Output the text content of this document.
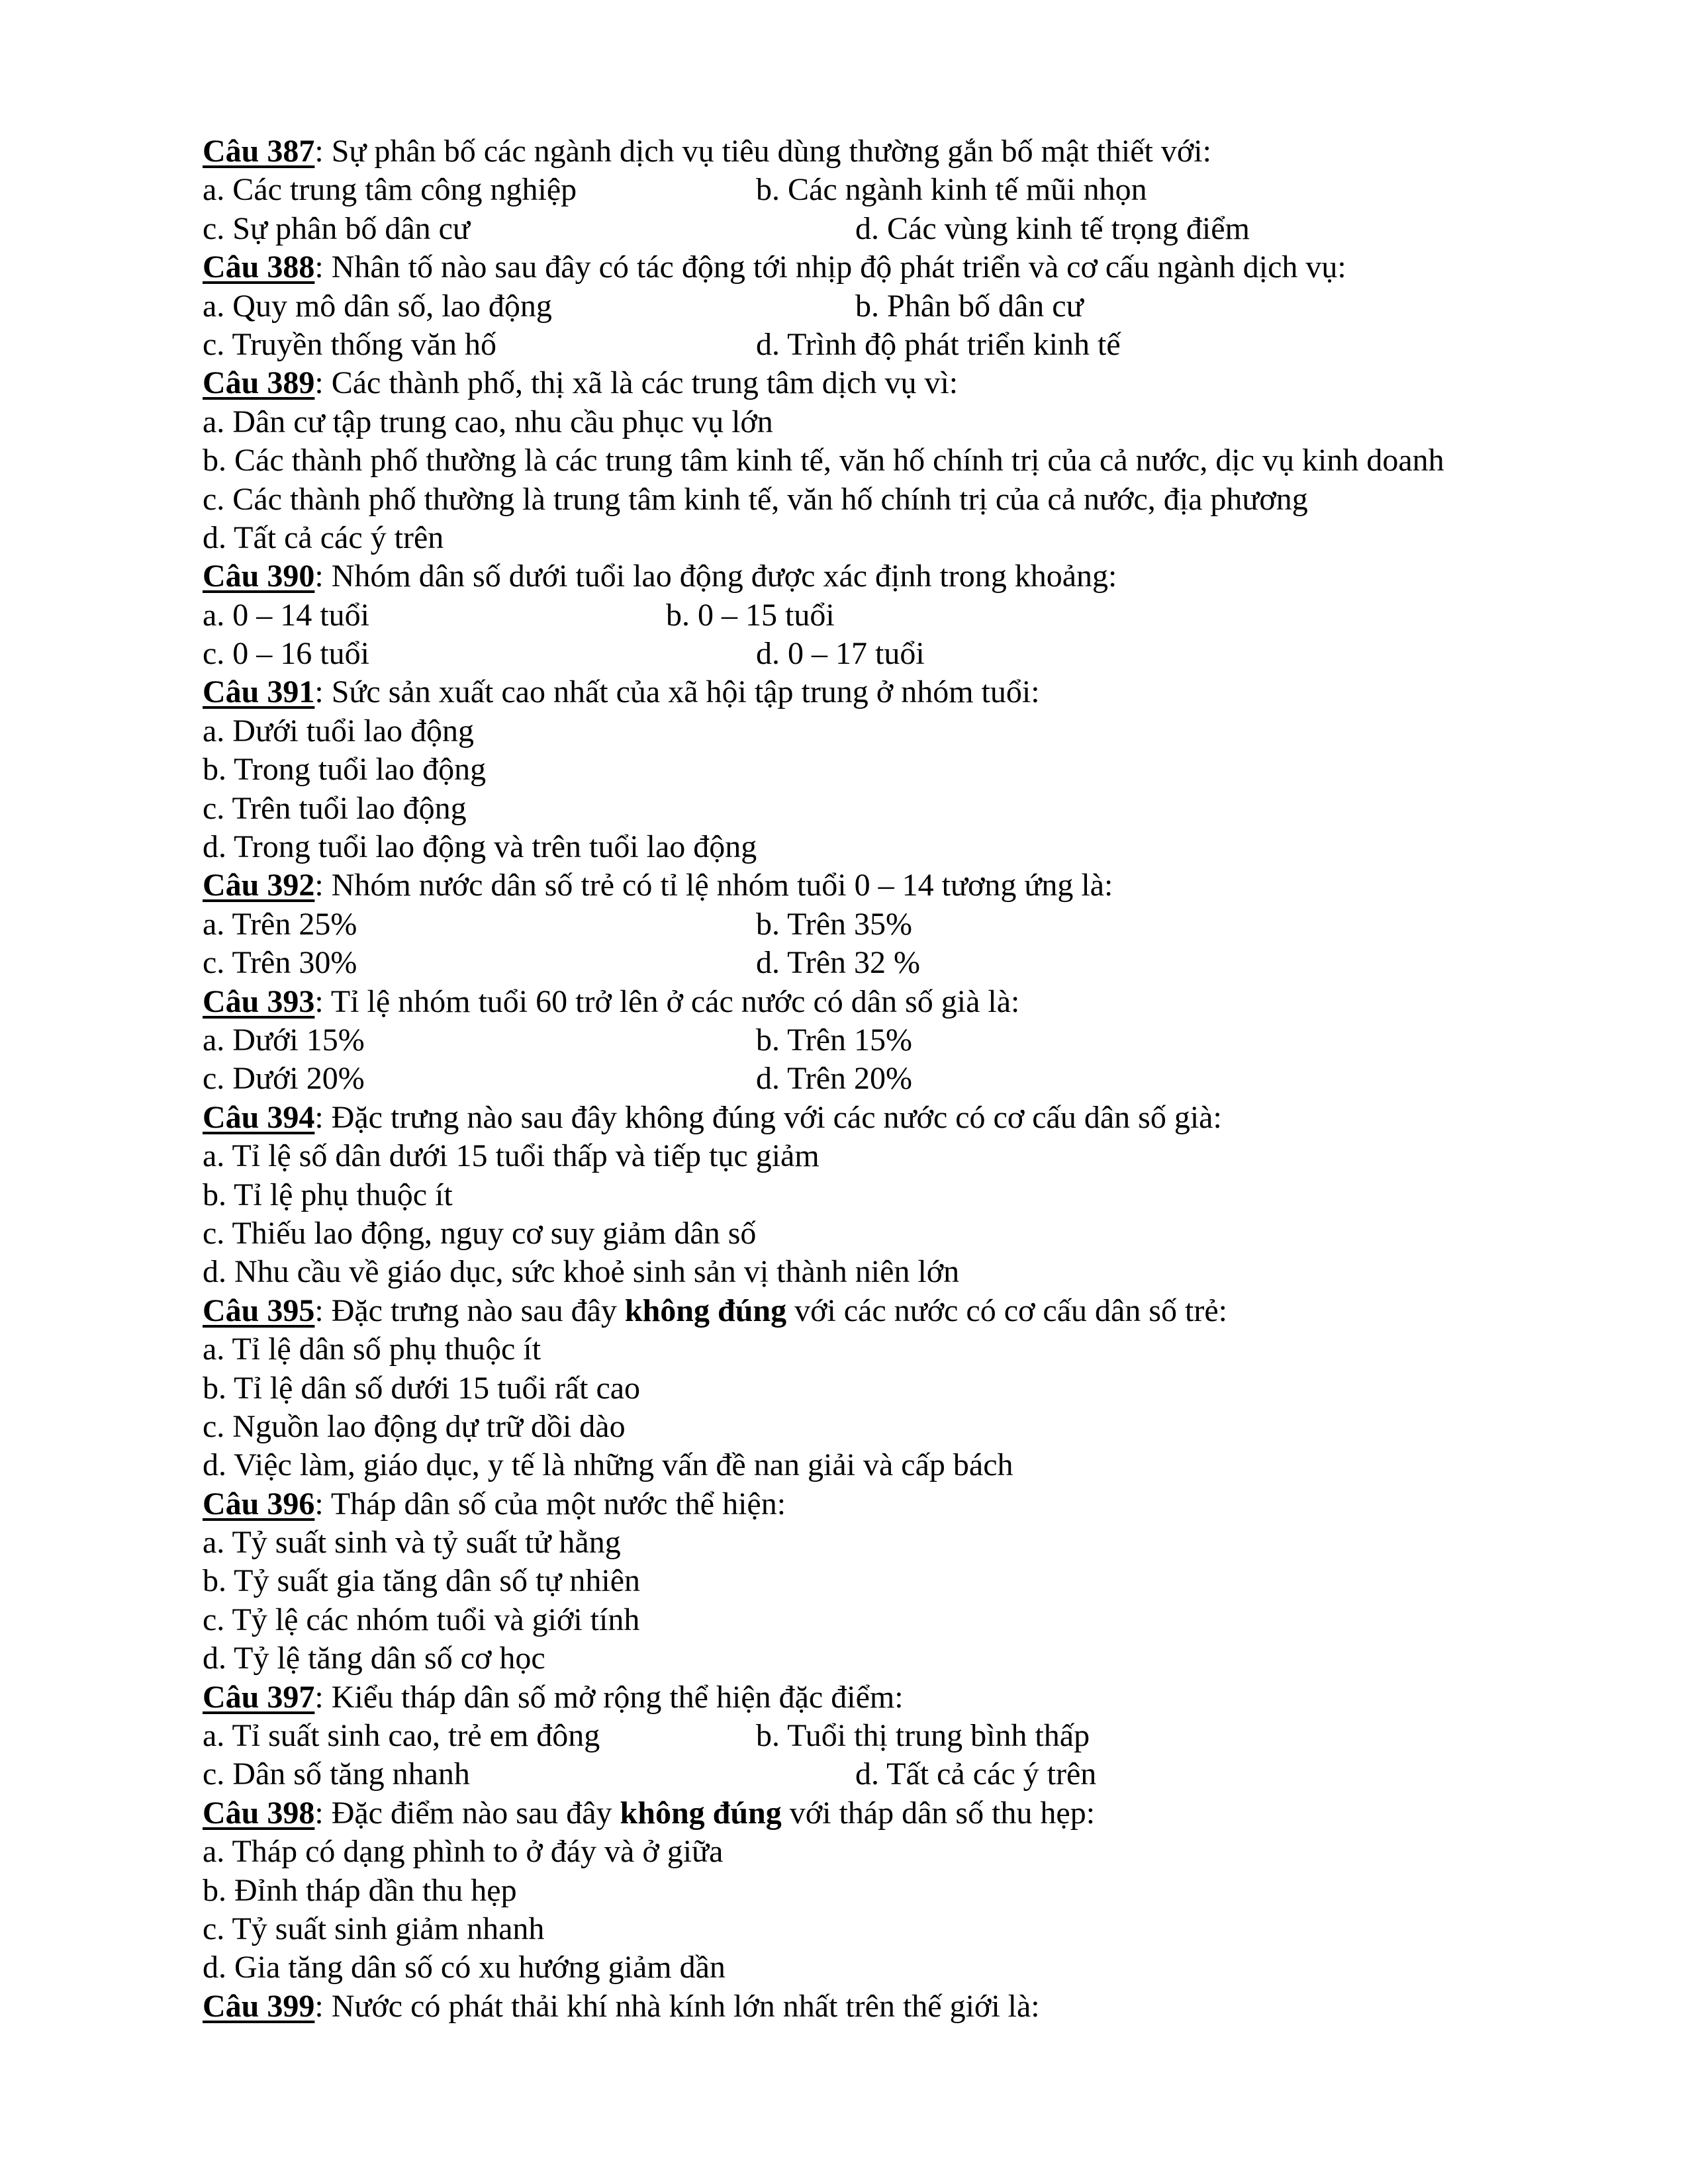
Câu 387: Sự phân bố các ngành dịch vụ tiêu dùng thường gắn bố mật thiết với:
a. Các trung tâm công nghiệp	b. Các ngành kinh tế mũi nhọn
c. Sự phân bố dân cư	d. Các vùng kinh tế trọng điểm
Câu 388: Nhân tố nào sau đây có tác động tới nhịp độ phát triển và cơ cấu ngành dịch vụ:
a. Quy mô dân số, lao động	b. Phân bố dân cư
c. Truyền thống văn hố	d. Trình độ phát triển kinh tế
Câu 389: Các thành phố, thị xã là các trung tâm dịch vụ vì:
a. Dân cư tập trung cao, nhu cầu phục vụ lớn
b. Các thành phố thường là các trung tâm kinh tế, văn hố chính trị của cả nước, dịc vụ kinh doanh
c. Các thành phố thường là trung tâm kinh tế, văn hố chính trị của cả nước, địa phương
d. Tất cả các ý trên
Câu 390: Nhóm dân số dưới tuổi lao động được xác định trong khoảng:
a. 0 – 14 tuổi	b. 0 – 15 tuổi
c. 0 – 16 tuổi	d. 0 – 17 tuổi
Câu 391: Sức sản xuất cao nhất của xã hội tập trung ở nhóm tuổi:
a. Dưới tuổi lao động
b. Trong tuổi lao động
c. Trên tuổi lao động
d. Trong tuổi lao động và trên tuổi lao động
Câu 392: Nhóm nước dân số trẻ có tỉ lệ nhóm tuổi 0 – 14 tương ứng là:
a. Trên 25%	b. Trên 35%
c. Trên 30%	d. Trên 32 %
Câu 393: Tỉ lệ nhóm tuổi 60 trở lên ở các nước có dân số già là:
a. Dưới 15%	b. Trên 15%
c. Dưới 20%	d. Trên 20%
Câu 394: Đặc trưng nào sau đây không đúng với các nước có cơ cấu dân số già:
a. Tỉ lệ số dân dưới 15 tuổi thấp và tiếp tục giảm
b. Tỉ lệ phụ thuộc ít
c. Thiếu lao động, nguy cơ suy giảm dân số
d. Nhu cầu về giáo dục, sức khoẻ sinh sản vị thành niên lớn
Câu 395: Đặc trưng nào sau đây không đúng với các nước có cơ cấu dân số trẻ:
a. Tỉ lệ dân số phụ thuộc ít
b. Tỉ lệ dân số dưới 15 tuổi rất cao
c. Nguồn lao động dự trữ dồi dào
d. Việc làm, giáo dục, y tế là những vấn đề nan giải và cấp bách
Câu 396: Tháp dân số của một nước thể hiện:
a. Tỷ suất sinh và tỷ suất tử hằng
b. Tỷ suất gia tăng dân số tự nhiên
c. Tỷ lệ các nhóm tuổi và giới tính
d. Tỷ lệ tăng dân số cơ học
Câu 397: Kiểu tháp dân số mở rộng thể hiện đặc điểm:
a. Tỉ suất sinh cao, trẻ em đông	b. Tuổi thị trung bình thấp
c. Dân số tăng nhanh	d. Tất cả các ý trên
Câu 398: Đặc điểm nào sau đây không đúng với tháp dân số thu hẹp:
a. Tháp có dạng phình to ở đáy và ở giữa
b. Đỉnh tháp dần thu hẹp
c. Tỷ suất sinh giảm nhanh
d. Gia tăng dân số có xu hướng giảm dần
Câu 399: Nước có phát thải khí nhà kính lớn nhất trên thế giới là:
